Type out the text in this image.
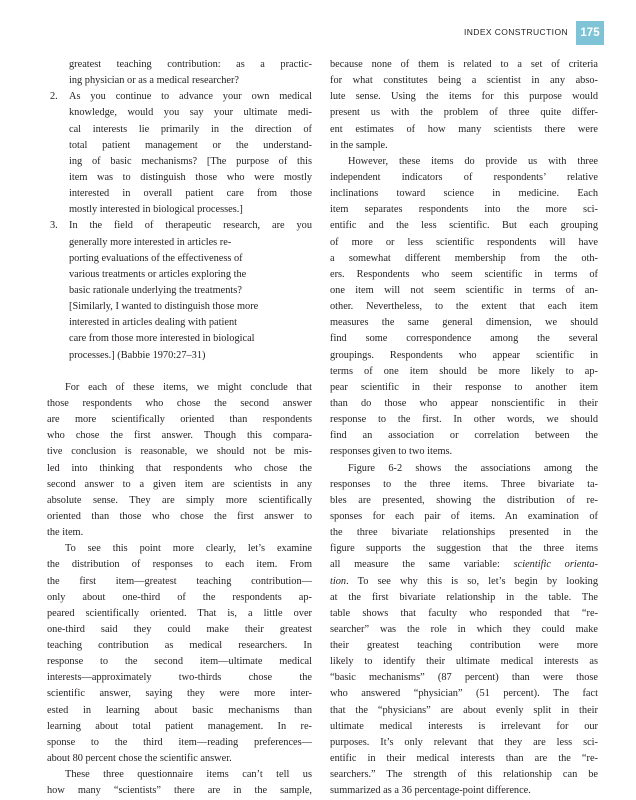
INDEX CONSTRUCTION	175
greatest teaching contribution: as a practic-
ing physician or as a medical researcher?
2. As you continue to advance your own medical
knowledge, would you say your ultimate medi-
cal interests lie primarily in the direction of
total patient management or the understand-
ing of basic mechanisms? [The purpose of this
item was to distinguish those who were mostly
interested in overall patient care from those
mostly interested in biological processes.]
3. In the field of therapeutic research, are you
generally more interested in articles re-
porting evaluations of the effectiveness of
various treatments or articles exploring the
basic rationale underlying the treatments?
[Similarly, I wanted to distinguish those more
interested in articles dealing with patient
care from those more interested in biological
processes.] (Babbie 1970:27–31)
For each of these items, we might conclude that
those respondents who chose the second answer
are more scientifically oriented than respondents
who chose the first answer. Though this compara-
tive conclusion is reasonable, we should not be mis-
led into thinking that respondents who chose the
second answer to a given item are scientists in any
absolute sense. They are simply more scientifically
oriented than those who chose the first answer to
the item.
To see this point more clearly, let’s examine
the distribution of responses to each item. From
the first item—greatest teaching contribution—
only about one-third of the respondents ap-
peared scientifically oriented. That is, a little over
one-third said they could make their greatest
teaching contribution as medical researchers. In
response to the second item—ultimate medical
interests—approximately two-thirds chose the
scientific answer, saying they were more inter-
ested in learning about basic mechanisms than
learning about total patient management. In re-
sponse to the third item—reading preferences—
about 80 percent chose the scientific answer.
These three questionnaire items can’t tell us
how many “scientists” there are in the sample,
because none of them is related to a set of criteria
for what constitutes being a scientist in any abso-
lute sense. Using the items for this purpose would
present us with the problem of three quite differ-
ent estimates of how many scientists there were
in the sample.
However, these items do provide us with three
independent indicators of respondents’ relative
inclinations toward science in medicine. Each
item separates respondents into the more sci-
entific and the less scientific. But each grouping
of more or less scientific respondents will have
a somewhat different membership from the oth-
ers. Respondents who seem scientific in terms of
one item will not seem scientific in terms of an-
other. Nevertheless, to the extent that each item
measures the same general dimension, we should
find some correspondence among the several
groupings. Respondents who appear scientific in
terms of one item should be more likely to ap-
pear scientific in their response to another item
than do those who appear nonscientific in their
response to the first. In other words, we should
find an association or correlation between the
responses given to two items.
Figure 6-2 shows the associations among the
responses to the three items. Three bivariate ta-
bles are presented, showing the distribution of re-
sponses for each pair of items. An examination of
the three bivariate relationships presented in the
figure supports the suggestion that the three items
all measure the same variable: scientific orienta-
tion. To see why this is so, let’s begin by looking
at the first bivariate relationship in the table. The
table shows that faculty who responded that “re-
searcher” was the role in which they could make
their greatest teaching contribution were more
likely to identify their ultimate medical interests as
“basic mechanisms” (87 percent) than were those
who answered “physician” (51 percent). The fact
that the “physicians” are about evenly split in their
ultimate medical interests is irrelevant for our
purposes. It’s only relevant that they are less sci-
entific in their medical interests than are the “re-
searchers.” The strength of this relationship can be
summarized as a 36 percentage-point difference.
